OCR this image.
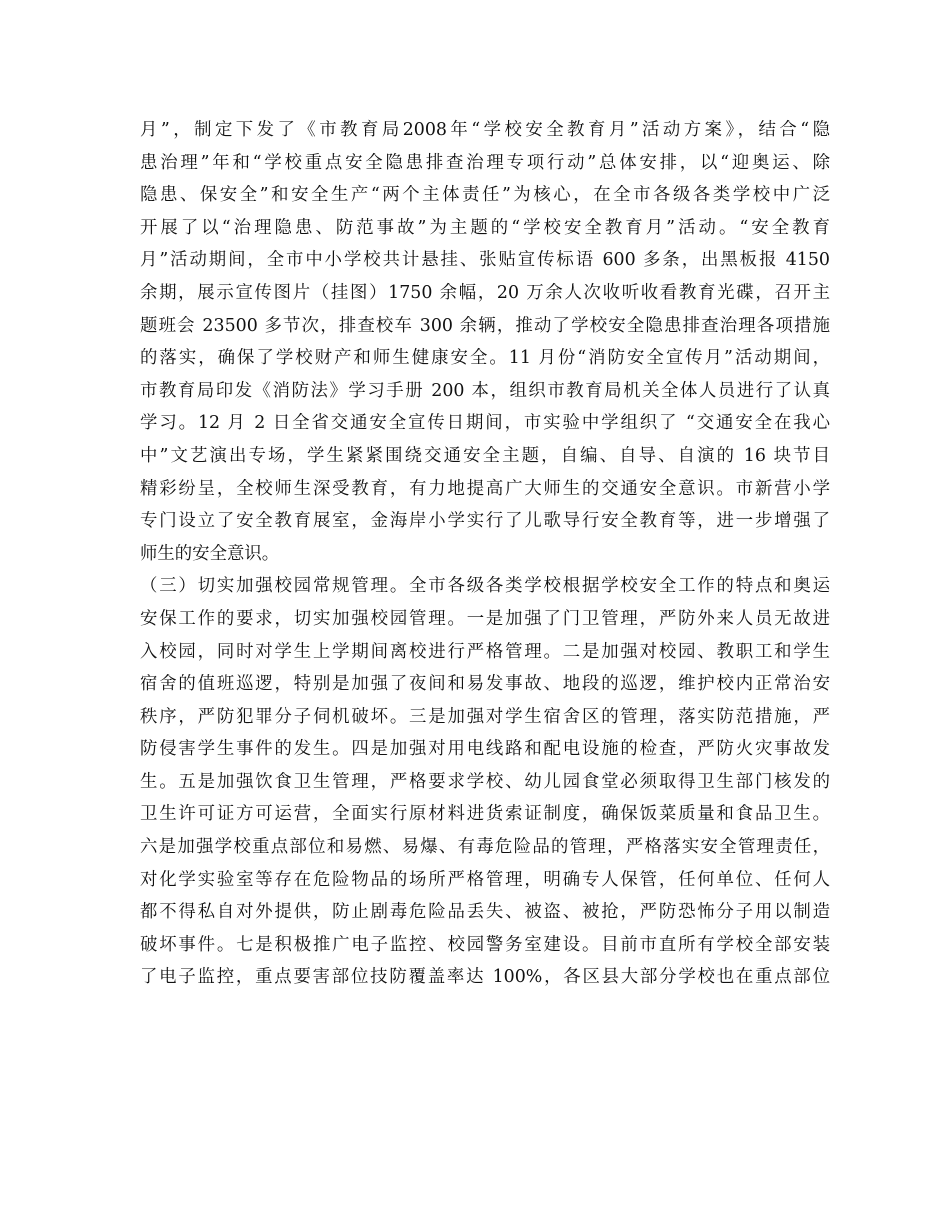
月”，制定下发了《市教育局2008年“学校安全教育月”活动方案》，结合“隐
患治理”年和“学校重点安全隐患排查治理专项行动”总体安排，以“迎奥运、除
隐患、保安全”和安全生产“两个主体责任”为核心，在全市各级各类学校中广泛
开展了以“治理隐患、防范事故”为主题的“学校安全教育月”活动。“安全教育
月”活动期间，全市中小学校共计悬挂、张贴宣传标语 600 多条，出黑板报 4150
余期，展示宣传图片（挂图）1750 余幅，20 万余人次收听收看教育光碟，召开主
题班会 23500 多节次，排查校车 300 余辆，推动了学校安全隐患排查治理各项措施
的落实，确保了学校财产和师生健康安全。11 月份“消防安全宣传月”活动期间，
市教育局印发《消防法》学习手册 200 本，组织市教育局机关全体人员进行了认真
学习。12 月 2 日全省交通安全宣传日期间，市实验中学组织了 “交通安全在我心
中”文艺演出专场，学生紧紧围绕交通安全主题，自编、自导、自演的 16 块节目
精彩纷呈，全校师生深受教育，有力地提高广大师生的交通安全意识。市新营小学
专门设立了安全教育展室，金海岸小学实行了儿歌导行安全教育等，进一步增强了
师生的安全意识。
（三）切实加强校园常规管理。全市各级各类学校根据学校安全工作的特点和奥运
安保工作的要求，切实加强校园管理。一是加强了门卫管理，严防外来人员无故进
入校园，同时对学生上学期间离校进行严格管理。二是加强对校园、教职工和学生
宿舍的值班巡逻，特别是加强了夜间和易发事故、地段的巡逻，维护校内正常治安
秩序，严防犯罪分子伺机破坏。三是加强对学生宿舍区的管理，落实防范措施，严
防侵害学生事件的发生。四是加强对用电线路和配电设施的检查，严防火灾事故发
生。五是加强饮食卫生管理，严格要求学校、幼儿园食堂必须取得卫生部门核发的
卫生许可证方可运营，全面实行原材料进货索证制度，确保饭菜质量和食品卫生。
六是加强学校重点部位和易燃、易爆、有毒危险品的管理，严格落实安全管理责任，
对化学实验室等存在危险物品的场所严格管理，明确专人保管，任何单位、任何人
都不得私自对外提供，防止剧毒危险品丢失、被盗、被抢，严防恐怖分子用以制造
破坏事件。七是积极推广电子监控、校园警务室建设。目前市直所有学校全部安装
了电子监控，重点要害部位技防覆盖率达 100%，各区县大部分学校也在重点部位
